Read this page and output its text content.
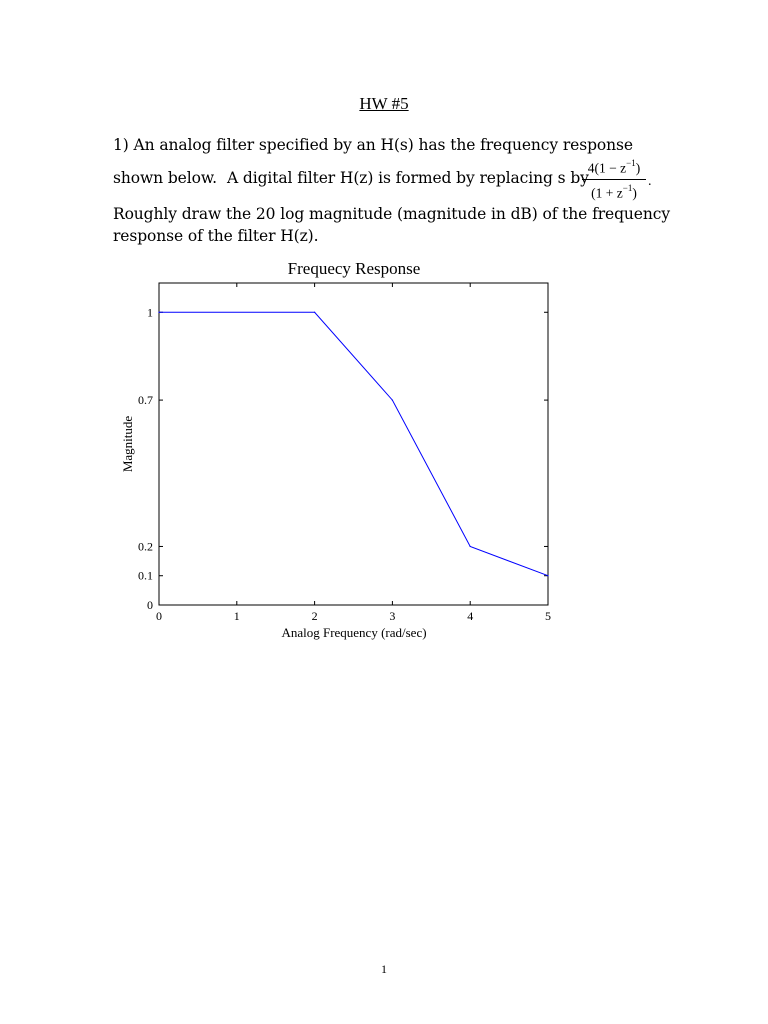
HW #5
1) An analog filter specified by an H(s) has the frequency response
shown below. A digital filter H(z) is formed by replacing s by
Roughly draw the 20 log magnitude (magnitude in dB) of the frequency
response of the filter H(z).
$4(1 - z^{-1})$
$(1 + z^{-1})$
.
Frequecy Response
0	1	2	3	4	5
0
0.1
0.2
0.7
1
Analog Frequency (rad/sec)
Magnitude
1
